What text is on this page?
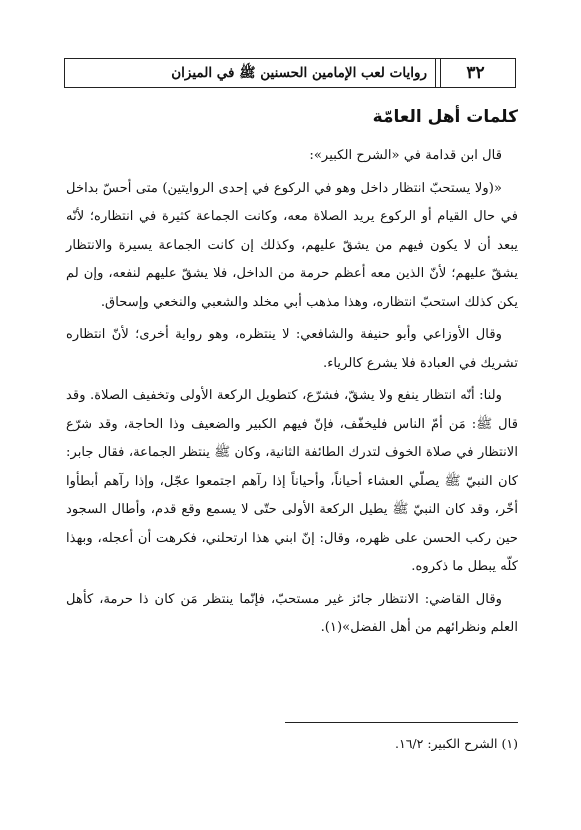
٣٢
روايات لعب الإمامين الحسنين ﷺ في الميزان
كلمات أهل العامّة

قال ابن قدامة في «الشرح الكبير»:

«(ولا يستحبّ انتظار داخل وهو في الركوع في إحدى الروايتين) متى أحسّ بداخل في حال القيام أو الركوع يريد الصلاة معه، وكانت الجماعة كثيرة في انتظاره؛ لأنّه يبعد أن لا يكون فيهم من يشقّ عليهم، وكذلك إن كانت الجماعة يسيرة والانتظار يشقّ عليهم؛ لأنّ الذين معه أعظم حرمة من الداخل، فلا يشقّ عليهم لنفعه، وإن لم يكن كذلك استحبّ انتظاره، وهذا مذهب أبي مخلد والشعبي والنخعي وإسحاق.

وقال الأوزاعي وأبو حنيفة والشافعي: لا ينتظره، وهو رواية أخرى؛ لأنّ انتظاره تشريك في العبادة فلا يشرع كالرياء.

ولنا: أنّه انتظار ينفع ولا يشقّ، فشرّع، كتطويل الركعة الأولى وتخفيف الصلاة. وقد قال ﷺ: مَن أمّ الناس فليخفّف، فإنّ فيهم الكبير والضعيف وذا الحاجة، وقد شرّع الانتظار في صلاة الخوف لتدرك الطائفة الثانية، وكان ﷺ ينتظر الجماعة، فقال جابر: كان النبيّ ﷺ يصلّي العشاء أحياناً، وأحياناً إذا رآهم اجتمعوا عجّل، وإذا رآهم أبطأوا أخّر، وقد كان النبيّ ﷺ يطيل الركعة الأولى حتّى لا يسمع وقع قدم، وأطال السجود حين ركب الحسن على ظهره، وقال: إنّ ابني هذا ارتحلني، فكرهت أن أعجله، وبهذا كلّه يبطل ما ذكروه.

وقال القاضي: الانتظار جائز غير مستحبّ، فإنّما ينتظر مَن كان ذا حرمة، كأهل العلم ونظرائهم من أهل الفضل»(١).

(١) الشرح الكبير: ١٦/٢.
